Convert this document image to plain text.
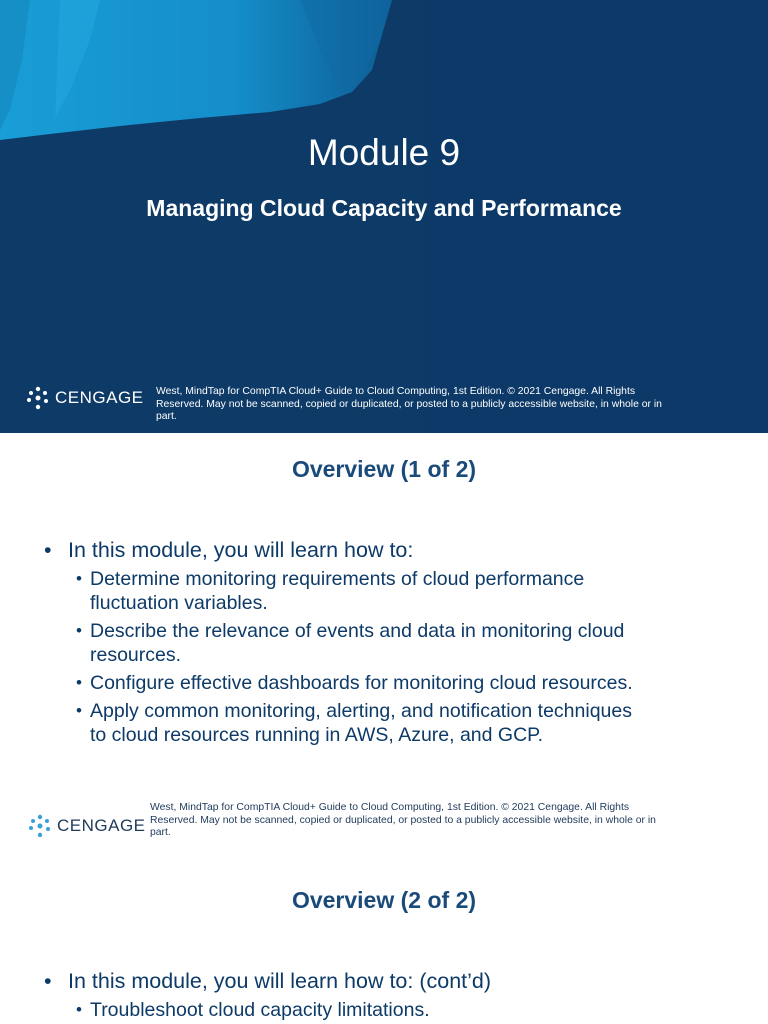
Module 9
Managing Cloud Capacity and Performance
CENGAGE West, MindTap for CompTIA Cloud+ Guide to Cloud Computing, 1st Edition. © 2021 Cengage. All Rights
Reserved. May not be scanned, copied or duplicated, or posted to a publicly accessible website, in whole or in
part.
Overview (1 of 2)
• In this module, you will learn how to:
• Determine monitoring requirements of cloud performance
fluctuation variables.
• Describe the relevance of events and data in monitoring cloud
resources.
• Configure effective dashboards for monitoring cloud resources.
• Apply common monitoring, alerting, and notification techniques
to cloud resources running in AWS, Azure, and GCP.
CENGAGE
West, MindTap for CompTIA Cloud+ Guide to Cloud Computing, 1st Edition. © 2021 Cengage. All Rights
Reserved. May not be scanned, copied or duplicated, or posted to a publicly accessible website, in whole or in
part.
Overview (2 of 2)
• In this module, you will learn how to: (cont’d)
• Troubleshoot cloud capacity limitations.
